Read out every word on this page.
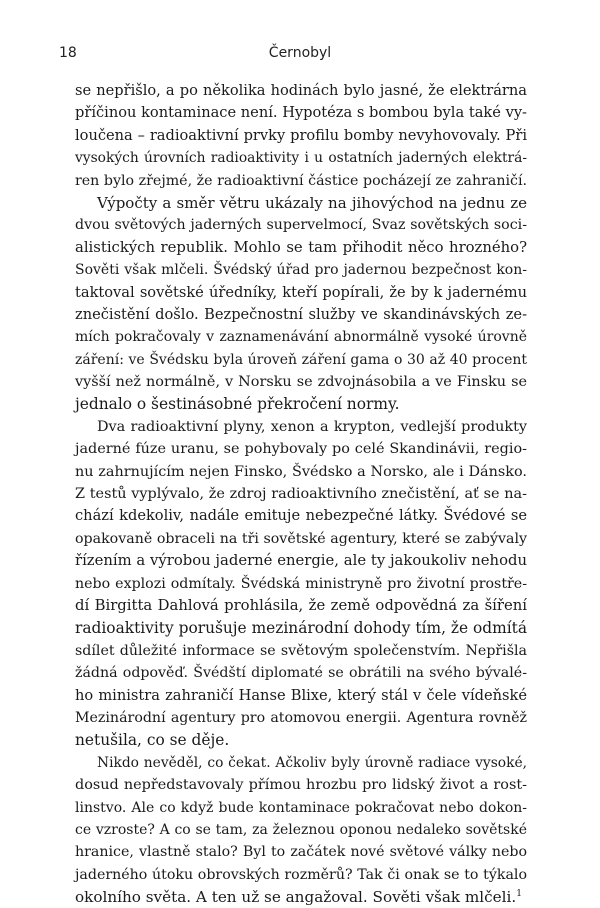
18	Černobyl
se nepřišlo, a po několika hodinách bylo jasné, že elektrárna
příčinou kontaminace není. Hypotéza s bombou byla také vy-
loučena – radioaktivní prvky profilu bomby nevyhovovaly. Při
vysokých úrovních radioaktivity i u ostatních jaderných elektrá-
ren bylo zřejmé, že radioaktivní částice pocházejí ze zahraničí.
Výpočty a směr větru ukázaly na jihovýchod na jednu ze
dvou světových jaderných supervelmocí, Svaz sovětských soci-
alistických republik. Mohlo se tam přihodit něco hrozného?
Sověti však mlčeli. Švédský úřad pro jadernou bezpečnost kon-
taktoval sovětské úředníky, kteří popírali, že by k jadernému
znečistění došlo. Bezpečnostní služby ve skandinávských ze-
mích pokračovaly v zaznamenávání abnormálně vysoké úrovně
záření: ve Švédsku byla úroveň záření gama o 30 až 40 procent
vyšší než normálně, v Norsku se zdvojnásobila a ve Finsku se
jednalo o šestinásobné překročení normy.
Dva radioaktivní plyny, xenon a krypton, vedlejší produkty
jaderné fúze uranu, se pohybovaly po celé Skandinávii, regio-
nu zahrnujícím nejen Finsko, Švédsko a Norsko, ale i Dánsko.
Z testů vyplývalo, že zdroj radioaktivního znečistění, ať se na-
chází kdekoliv, nadále emituje nebezpečné látky. Švédové se
opakovaně obraceli na tři sovětské agentury, které se zabývaly
řízením a výrobou jaderné energie, ale ty jakoukoliv nehodu
nebo explozi odmítaly. Švédská ministryně pro životní prostře-
dí Birgitta Dahlová prohlásila, že země odpovědná za šíření
radioaktivity porušuje mezinárodní dohody tím, že odmítá
sdílet důležité informace se světovým společenstvím. Nepřišla
žádná odpověď. Švédští diplomaté se obrátili na svého bývalé-
ho ministra zahraničí Hanse Blixe, který stál v čele vídeňské
Mezinárodní agentury pro atomovou energii. Agentura rovněž
netušila, co se děje.
Nikdo nevěděl, co čekat. Ačkoliv byly úrovně radiace vysoké,
dosud nepředstavovaly přímou hrozbu pro lidský život a rost-
linstvo. Ale co když bude kontaminace pokračovat nebo dokon-
ce vzroste? A co se tam, za železnou oponou nedaleko sovětské
hranice, vlastně stalo? Byl to začátek nové světové války nebo
jaderného útoku obrovských rozměrů? Tak či onak se to týkalo
okolního světa. A ten už se angažoval. Sověti však mlčeli.$^1$
